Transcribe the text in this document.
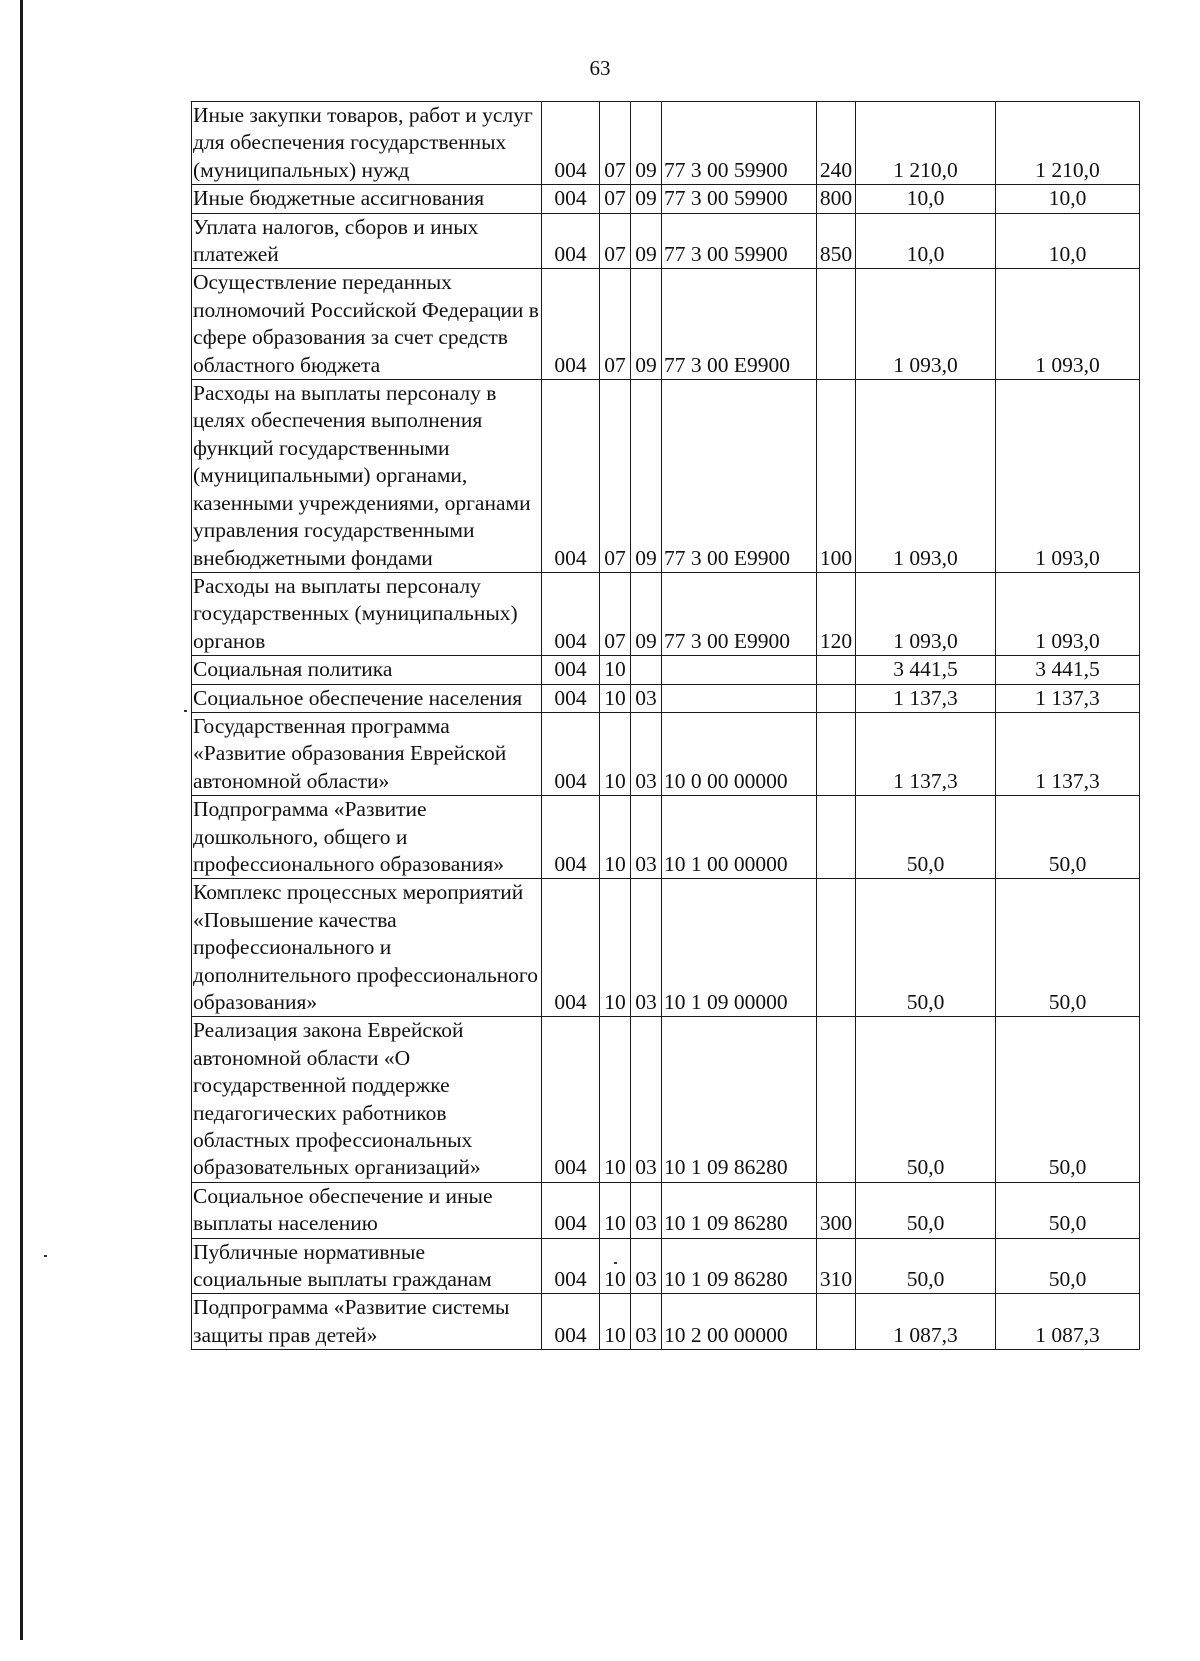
63
Иные закупки товаров, работ и услуг для обеспечения государственных (муниципальных) нужд	004	07	09	77 3 00 59900	240	1 210,0	1 210,0
Иные бюджетные ассигнования	004	07	09	77 3 00 59900	800	10,0	10,0
Уплата налогов, сборов и иных платежей	004	07	09	77 3 00 59900	850	10,0	10,0
Осуществление переданных полномочий Российской Федерации в сфере образования за счет средств областного бюджета	004	07	09	77 3 00 Е9900		1 093,0	1 093,0
Расходы на выплаты персоналу в целях обеспечения выполнения функций государственными (муниципальными) органами, казенными учреждениями, органами управления государственными внебюджетными фондами	004	07	09	77 3 00 Е9900	100	1 093,0	1 093,0
Расходы на выплаты персоналу государственных (муниципальных) органов	004	07	09	77 3 00 Е9900	120	1 093,0	1 093,0
Социальная политика	004	10				3 441,5	3 441,5
Социальное обеспечение населения	004	10	03			1 137,3	1 137,3
Государственная программа «Развитие образования Еврейской автономной области»	004	10	03	10 0 00 00000		1 137,3	1 137,3
Подпрограмма «Развитие дошкольного, общего и профессионального образования»	004	10	03	10 1 00 00000		50,0	50,0
Комплекс процессных мероприятий «Повышение качества профессионального и дополнительного профессионального образования»	004	10	03	10 1 09 00000		50,0	50,0
Реализация закона Еврейской автономной области «О государственной поддержке педагогических работников областных профессиональных образовательных организаций»	004	10	03	10 1 09 86280		50,0	50,0
Социальное обеспечение и иные выплаты населению	004	10	03	10 1 09 86280	300	50,0	50,0
Публичные нормативные социальные выплаты гражданам	004	10	03	10 1 09 86280	310	50,0	50,0
Подпрограмма «Развитие системы защиты прав детей»	004	10	03	10 2 00 00000		1 087,3	1 087,3
